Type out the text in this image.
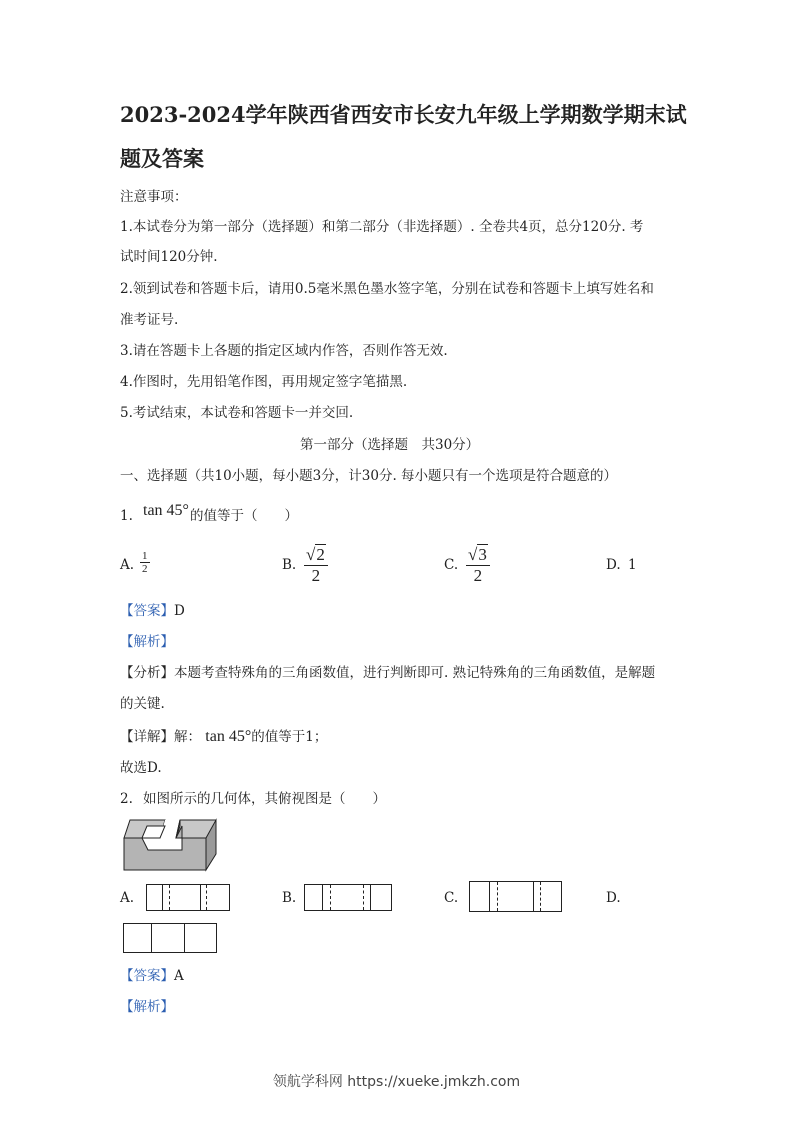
2023-2024学年陕西省西安市长安九年级上学期数学期末试
题及答案
注意事项：
1.本试卷分为第一部分（选择题）和第二部分（非选择题）. 全卷共4页，总分120分. 考
试时间120分钟.
2.领到试卷和答题卡后，请用0.5毫米黑色墨水签字笔，分别在试卷和答题卡上填写姓名和
准考证号.
3.请在答题卡上各题的指定区域内作答，否则作答无效.
4.作图时，先用铅笔作图，再用规定签字笔描黑.
5.考试结束，本试卷和答题卡一并交回.
第一部分（选择题　共30分）
一、选择题（共10小题，每小题3分，计30分. 每小题只有一个选项是符合题意的）
1. tan 45° 的值等于（　　）
A. $\frac{1}{2}$	B. $\frac{√2}{2}$	C. $\frac{√3}{2}$	D. 1
【答案】D
【解析】
【分析】本题考查特殊角的三角函数值，进行判断即可. 熟记特殊角的三角函数值，是解题
的关键.
【详解】解： tan 45°的值等于1；
故选D.
2. 如图所示的几何体，其俯视图是（　　）
A.	B.	C.	D.
【答案】A
【解析】
领航学科网 https://xueke.jmkzh.com
